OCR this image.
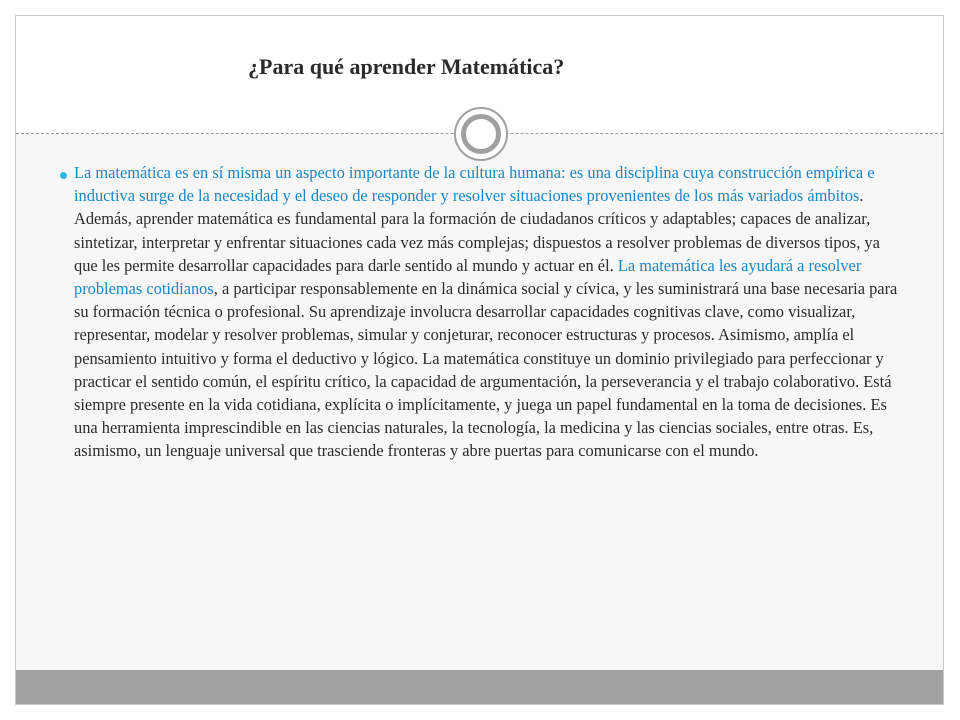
¿Para qué aprender Matemática?

La matemática es en sí misma un aspecto importante de la cultura humana: es una disciplina cuya construcción empírica e inductiva surge de la necesidad y el deseo de responder y resolver situaciones provenientes de los más variados ámbitos. Además, aprender matemática es fundamental para la formación de ciudadanos críticos y adaptables; capaces de analizar, sintetizar, interpretar y enfrentar situaciones cada vez más complejas; dispuestos a resolver problemas de diversos tipos, ya que les permite desarrollar capacidades para darle sentido al mundo y actuar en él. La matemática les ayudará a resolver problemas cotidianos, a participar responsablemente en la dinámica social y cívica, y les suministrará una base necesaria para su formación técnica o profesional. Su aprendizaje involucra desarrollar capacidades cognitivas clave, como visualizar, representar, modelar y resolver problemas, simular y conjeturar, reconocer estructuras y procesos. Asimismo, amplía el pensamiento intuitivo y forma el deductivo y lógico. La matemática constituye un dominio privilegiado para perfeccionar y practicar el sentido común, el espíritu crítico, la capacidad de argumentación, la perseverancia y el trabajo colaborativo. Está siempre presente en la vida cotidiana, explícita o implícitamente, y juega un papel fundamental en la toma de decisiones. Es una herramienta imprescindible en las ciencias naturales, la tecnología, la medicina y las ciencias sociales, entre otras. Es, asimismo, un lenguaje universal que trasciende fronteras y abre puertas para comunicarse con el mundo.
